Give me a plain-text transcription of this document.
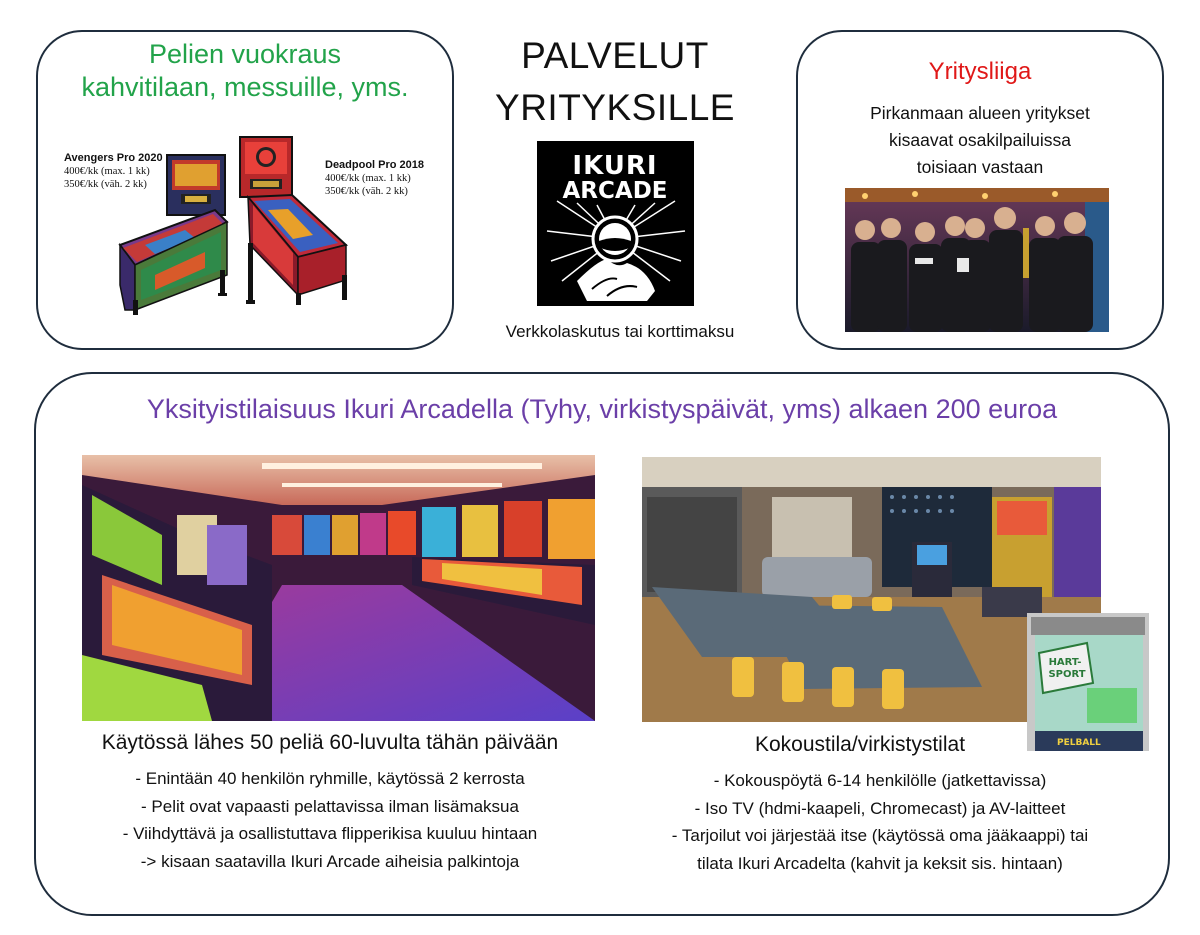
Pelien vuokraus
kahvitilaan, messuille, yms.
Avengers Pro 2020
400€/kk (max. 1 kk)
350€/kk (väh. 2 kk)
Deadpool Pro 2018
400€/kk (max. 1 kk)
350€/kk (väh. 2 kk)
PALVELUT
YRITYKSILLE
IKURI
ARCADE
Verkkolaskutus tai korttimaksu
Yritysliiga
Pirkanmaan alueen yritykset
kisaavat osakilpailuissa
toisiaan vastaan
Yksityistilaisuus Ikuri Arcadella (Tyhy, virkistyspäivät, yms) alkaen 200 euroa
HART-
SPORT
PELBALL
Käytössä lähes 50 peliä 60-luvulta tähän päivään
- Enintään 40 henkilön ryhmille, käytössä 2 kerrosta
- Pelit ovat vapaasti pelattavissa ilman lisämaksua
- Viihdyttävä ja osallistuttava flipperikisa kuuluu hintaan
-> kisaan saatavilla Ikuri Arcade aiheisia palkintoja
Kokoustila/virkistystilat
- Kokouspöytä 6-14 henkilölle (jatkettavissa)
- Iso TV (hdmi-kaapeli, Chromecast) ja AV-laitteet
- Tarjoilut voi järjestää itse (käytössä oma jääkaappi) tai
tilata Ikuri Arcadelta (kahvit ja keksit sis. hintaan)
